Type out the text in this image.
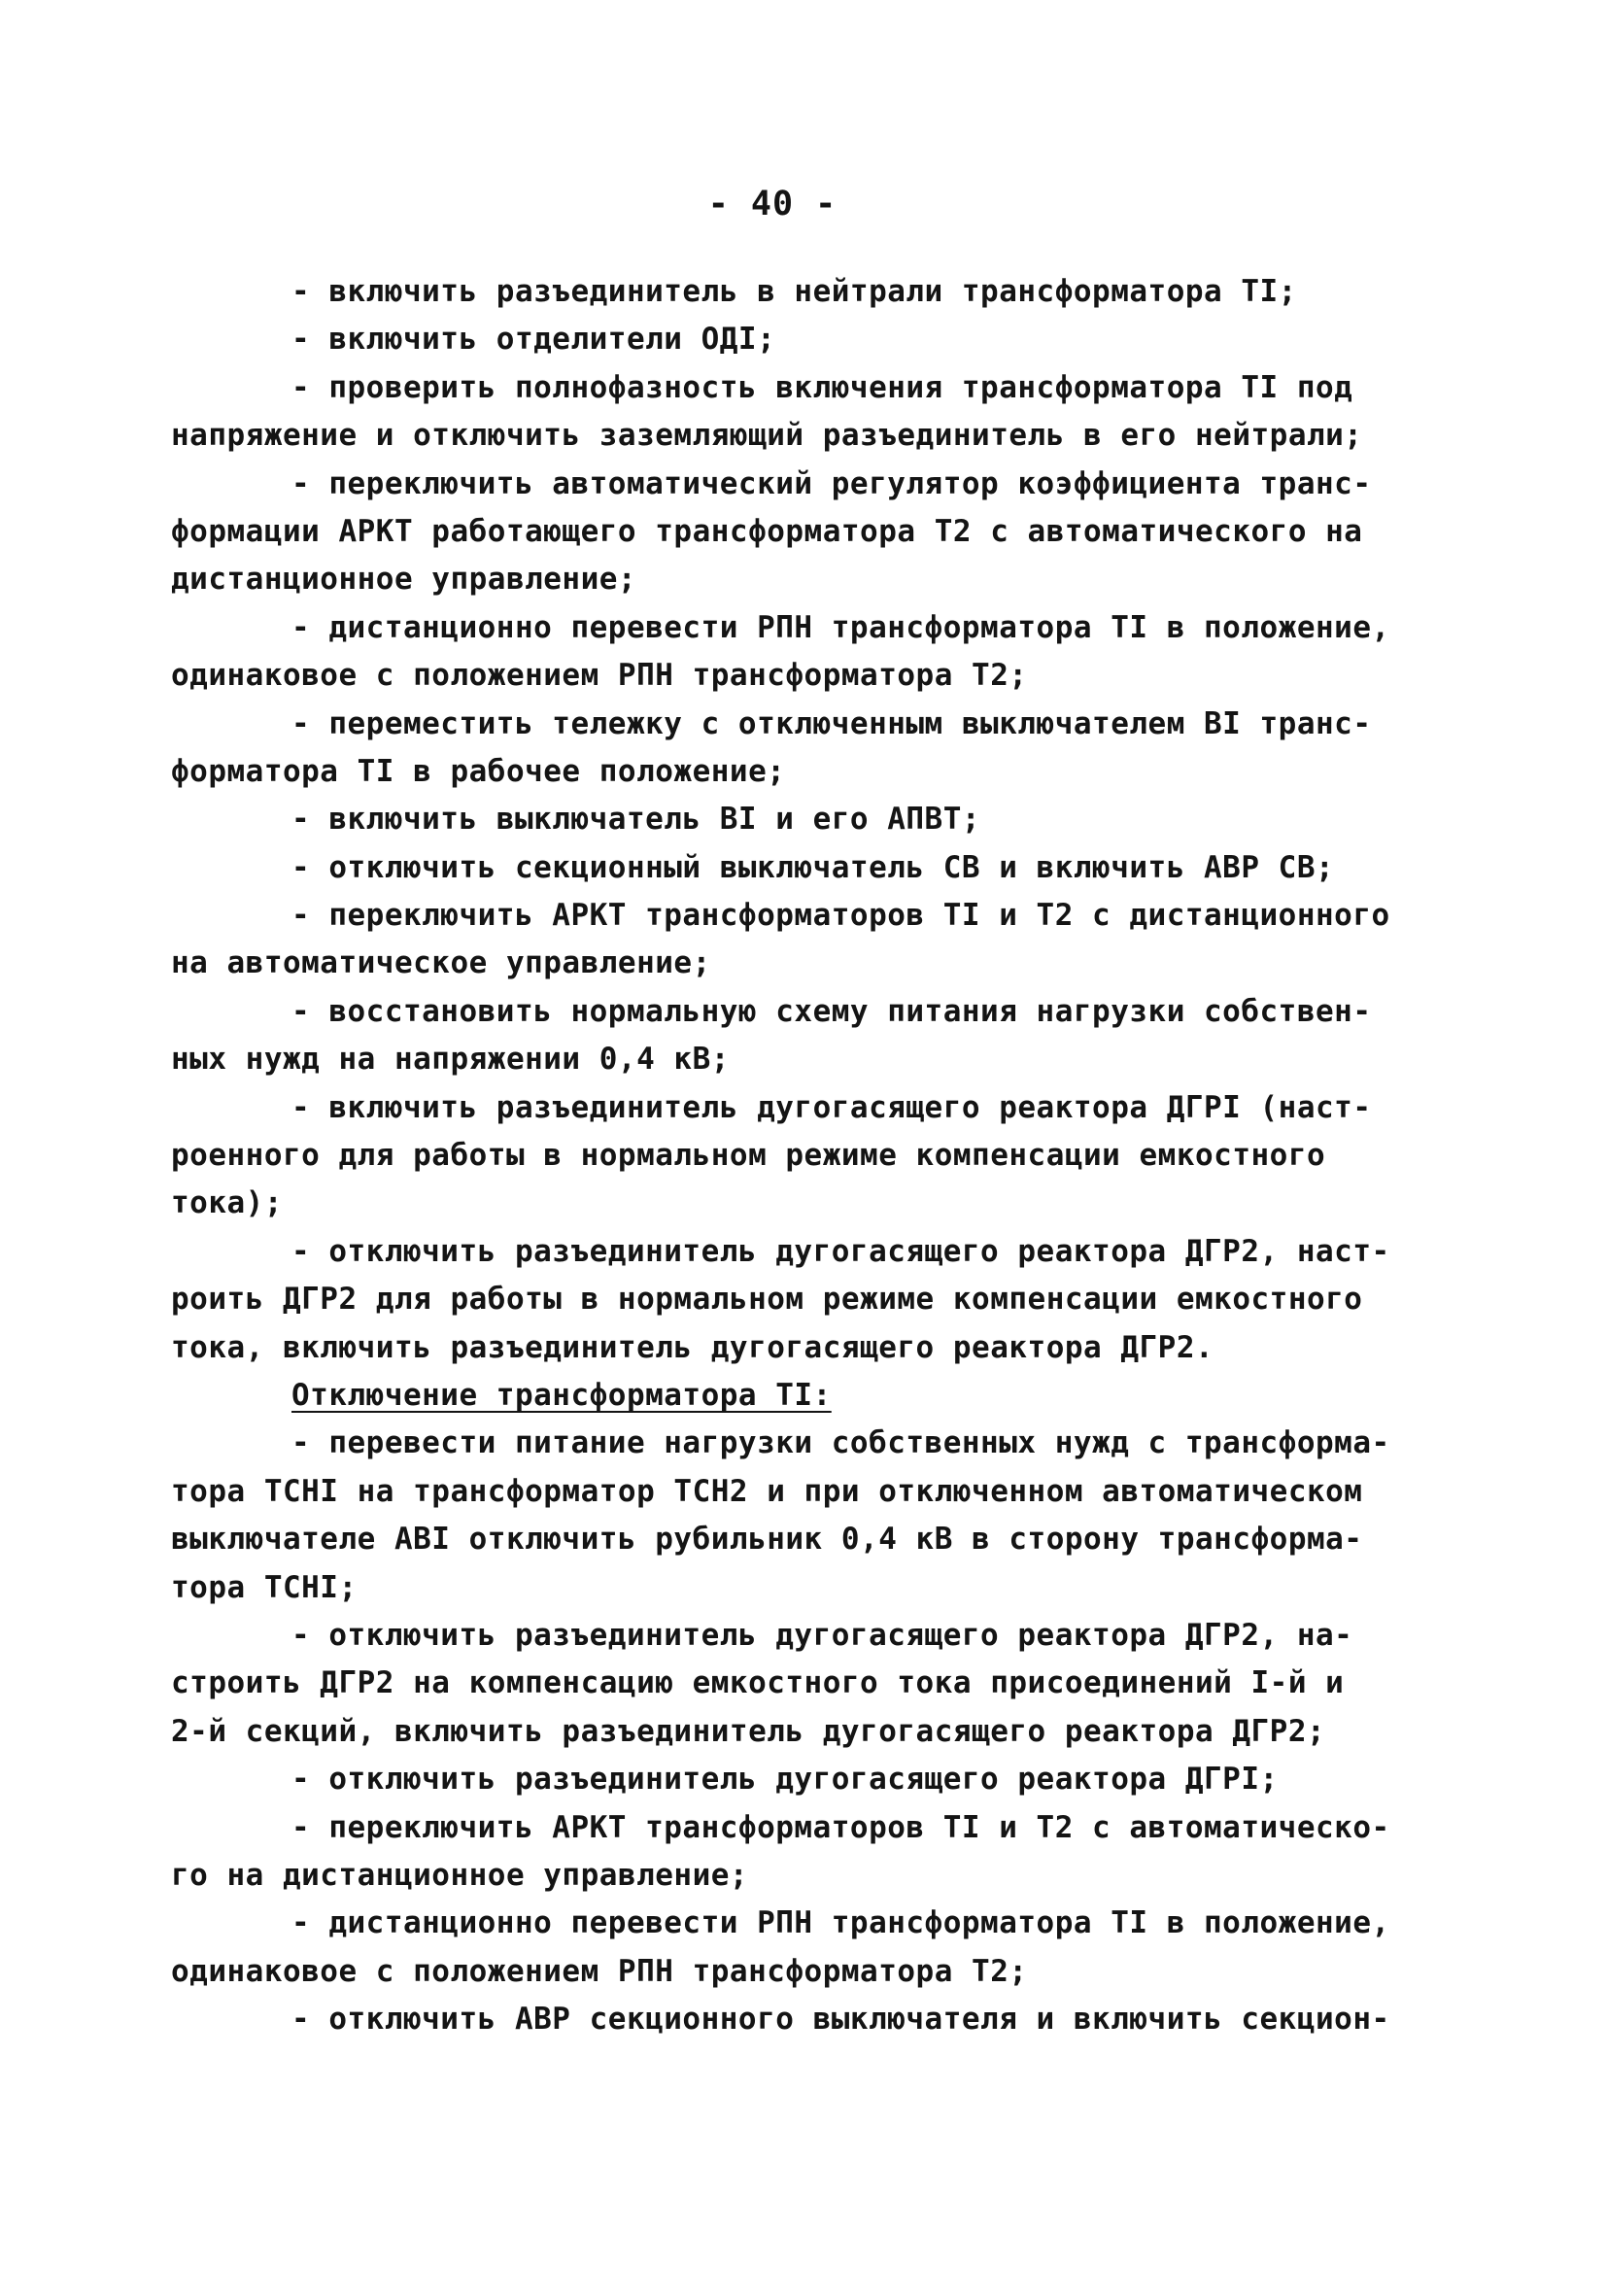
- 40 -
- включить разъединитель в нейтрали трансформатора ТI;
- включить отделители ОДI;
- проверить полнофазность включения трансформатора ТI под
напряжение и отключить заземляющий разъединитель в его нейтрали;
- переключить автоматический регулятор коэффициента транс-
формации АРКТ работающего трансформатора Т2 с автоматического на
дистанционное управление;
- дистанционно перевести РПН трансформатора ТI в положение,
одинаковое с положением РПН трансформатора Т2;
- переместить тележку с отключенным выключателем ВI транс-
форматора ТI в рабочее положение;
- включить выключатель ВI и его АПВТ;
- отключить секционный выключатель СВ и включить АВР СВ;
- переключить АРКТ трансформаторов ТI и Т2 с дистанционного
на автоматическое управление;
- восстановить нормальную схему питания нагрузки собствен-
ных нужд на напряжении 0,4 кВ;
- включить разъединитель дугогасящего реактора ДГРI (наст-
роенного для работы в нормальном режиме компенсации емкостного
тока);
- отключить разъединитель дугогасящего реактора ДГР2, наст-
роить ДГР2 для работы в нормальном режиме компенсации емкостного
тока, включить разъединитель дугогасящего реактора ДГР2.
Отключение трансформатора ТI:
- перевести питание нагрузки собственных нужд с трансформа-
тора ТСНI на трансформатор ТСН2 и при отключенном автоматическом
выключателе АВI отключить рубильник 0,4 кВ в сторону трансформа-
тора ТСНI;
- отключить разъединитель дугогасящего реактора ДГР2, на-
строить ДГР2 на компенсацию емкостного тока присоединений I-й и
2-й секций, включить разъединитель дугогасящего реактора ДГР2;
- отключить разъединитель дугогасящего реактора ДГРI;
- переключить АРКТ трансформаторов ТI и Т2 с автоматическо-
го на дистанционное управление;
- дистанционно перевести РПН трансформатора ТI в положение,
одинаковое с положением РПН трансформатора Т2;
- отключить АВР секционного выключателя и включить секцион-
